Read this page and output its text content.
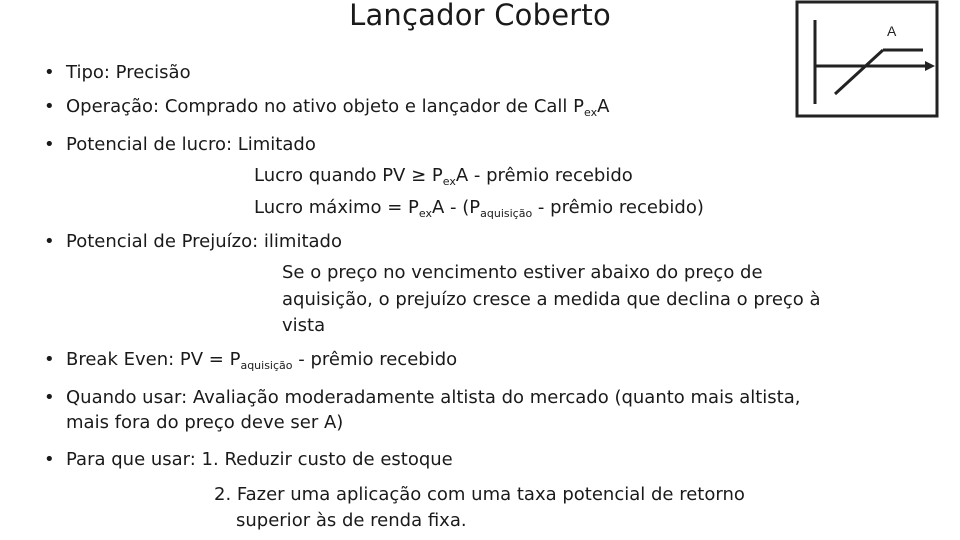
Lançador Coberto	A
• Tipo: Precisão
• Operação: Comprado no ativo objeto e lançador de Call $P_{ex}A$
• Potencial de lucro: Limitado
Lucro quando PV ≥ $P_{ex}A$ - prêmio recebido
Lucro máximo = $P_{ex}A - (P_{aquisição}$ - prêmio recebido)
• Potencial de Prejuízo: ilimitado
Se o preço no vencimento estiver abaixo do preço de
aquisição, o prejuízo cresce a medida que declina o preço à
vista
• Break Even: PV = $P_{aquisição}$ - prêmio recebido
• Quando usar: Avaliação moderadamente altista do mercado (quanto mais altista,
mais fora do preço deve ser A)
• Para que usar: 1. Reduzir custo de estoque
2. Fazer uma aplicação com uma taxa potencial de retorno
superior às de renda fixa.
